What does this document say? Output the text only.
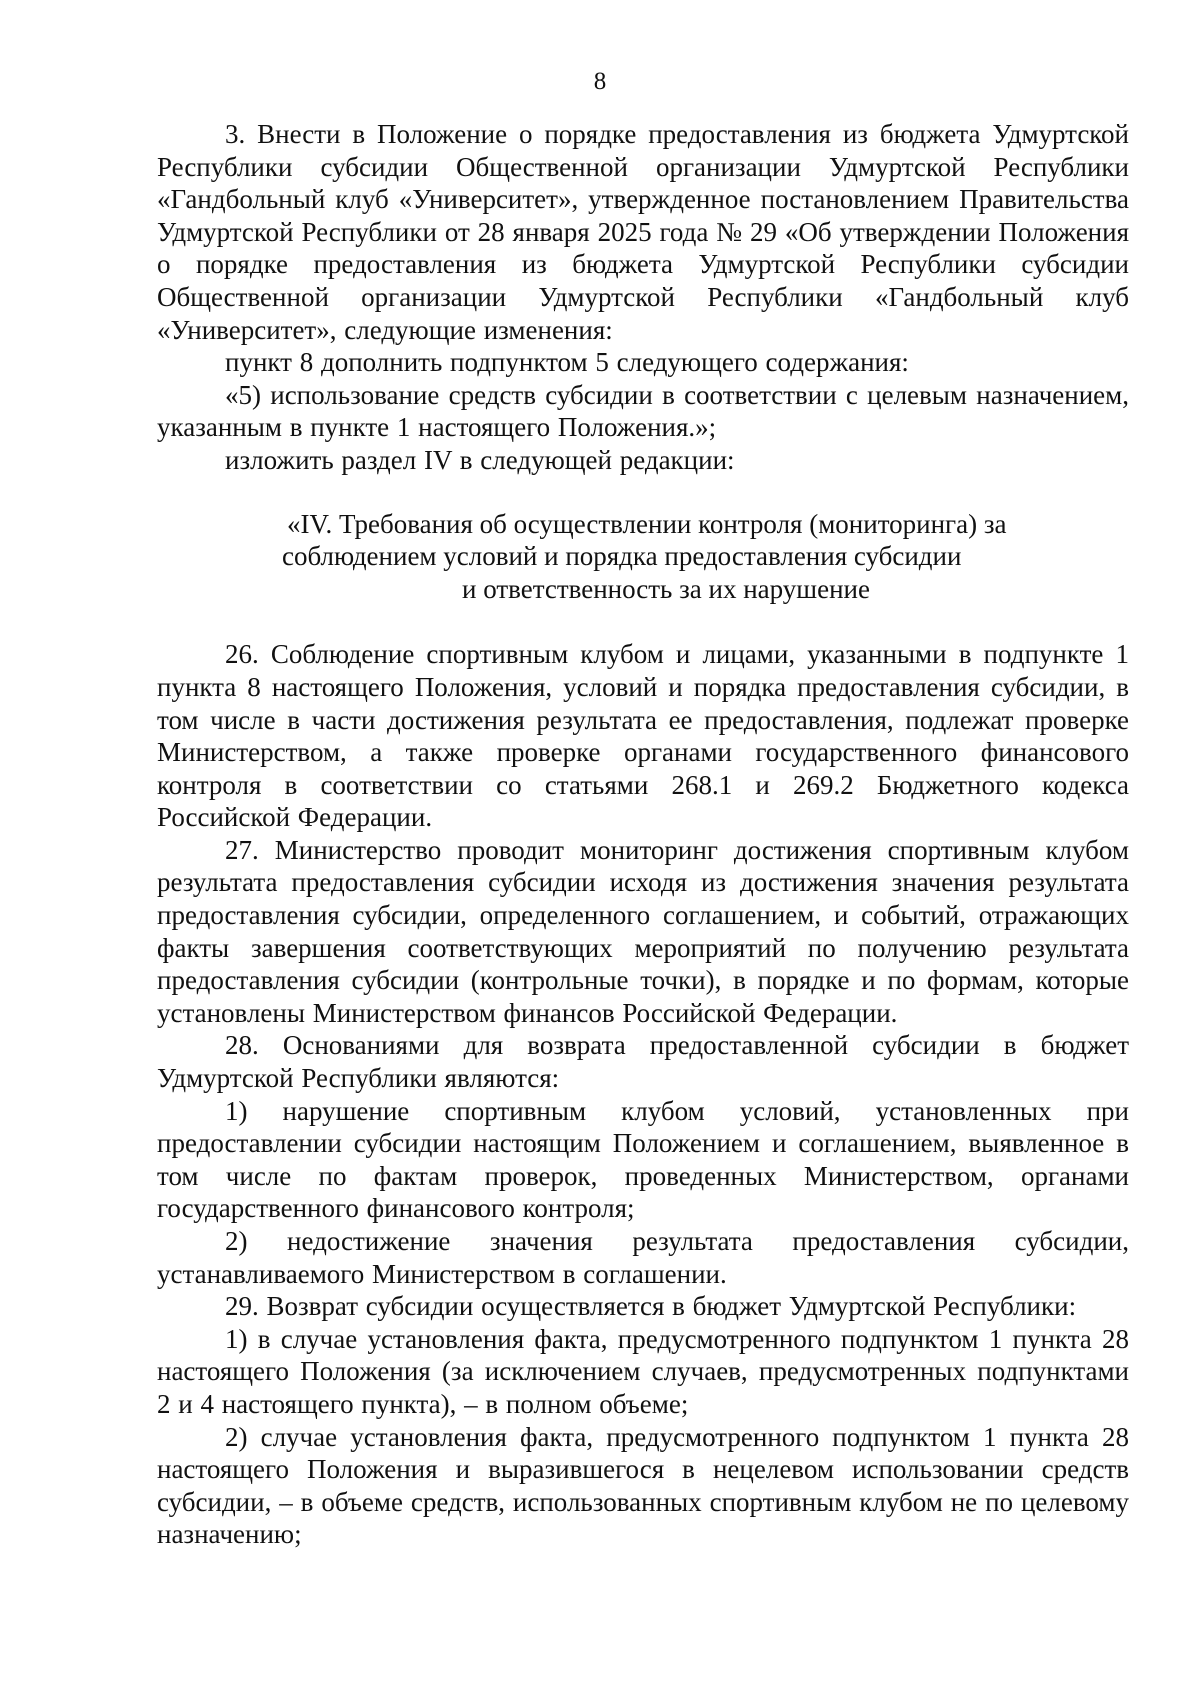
8

3. Внести в Положение о порядке предоставления из бюджета Удмуртской Республики субсидии Общественной организации Удмуртской Республики «Гандбольный клуб «Университет», утвержденное постановлением Правительства Удмуртской Республики от 28 января 2025 года № 29 «Об утверждении Положения о порядке предоставления из бюджета Удмуртской Республики субсидии Общественной организации Удмуртской Республики «Гандбольный клуб «Университет», следующие изменения:

пункт 8 дополнить подпунктом 5 следующего содержания:

«5) использование средств субсидии в соответствии с целевым назначением, указанным в пункте 1 настоящего Положения.»;

изложить раздел IV в следующей редакции:

«IV. Требования об осуществлении контроля (мониторинга) за
соблюдением условий и порядка предоставления субсидии
и ответственность за их нарушение

26. Соблюдение спортивным клубом и лицами, указанными в подпункте 1 пункта 8 настоящего Положения, условий и порядка предоставления субсидии, в том числе в части достижения результата ее предоставления, подлежат проверке Министерством, а также проверке органами государственного финансового контроля в соответствии со статьями 268.1 и 269.2 Бюджетного кодекса Российской Федерации.

27. Министерство проводит мониторинг достижения спортивным клубом результата предоставления субсидии исходя из достижения значения результата предоставления субсидии, определенного соглашением, и событий, отражающих факты завершения соответствующих мероприятий по получению результата предоставления субсидии (контрольные точки), в порядке и по формам, которые установлены Министерством финансов Российской Федерации.

28. Основаниями для возврата предоставленной субсидии в бюджет Удмуртской Республики являются:

1) нарушение спортивным клубом условий, установленных при предоставлении субсидии настоящим Положением и соглашением, выявленное в том числе по фактам проверок, проведенных Министерством, органами государственного финансового контроля;

2) недостижение значения результата предоставления субсидии, устанавливаемого Министерством в соглашении.

29. Возврат субсидии осуществляется в бюджет Удмуртской Республики:

1) в случае установления факта, предусмотренного подпунктом 1 пункта 28 настоящего Положения (за исключением случаев, предусмотренных подпунктами 2 и 4 настоящего пункта), – в полном объеме;

2) случае установления факта, предусмотренного подпунктом 1 пункта 28 настоящего Положения и выразившегося в нецелевом использовании средств субсидии, – в объеме средств, использованных спортивным клубом не по целевому назначению;
